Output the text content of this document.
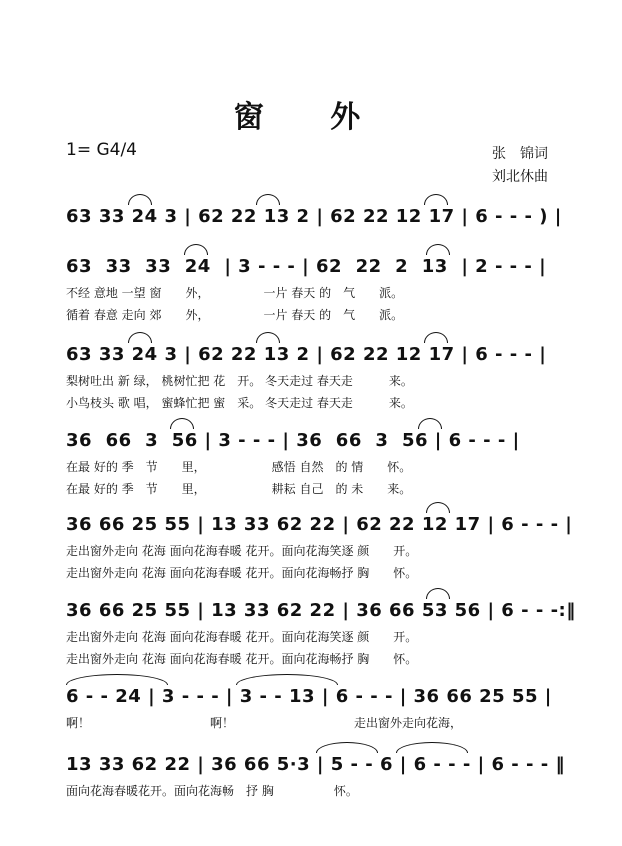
窗 外
1= G4/4	张　锦词
刘北休曲
63 33 24 3 | 62 22 13 2 | 62 22 12 17 | 6 - - - ) |
63  33  33  24  | 3 - - - | 62  22  2  13  | 2 - - - |
不经 意地 一望 窗　　外，　　　　　一片 春天 的　气　　派。
循着 春意 走向 郊　　外，　　　　　一片 春天 的　气　　派。
63 33 24 3 | 62 22 13 2 | 62 22 12 17 | 6 - - - |
梨树吐出 新 绿， 桃树忙把 花　开。 冬天走过 春天走　　　来。
小鸟枝头 歌 唱， 蜜蜂忙把 蜜　采。 冬天走过 春天走　　　来。
36  66  3  56 | 3 - - - | 36  66  3  56 | 6 - - - |
在最 好的 季　节　　里，　　　　　　感悟 自然　的 情　　怀。
在最 好的 季　节　　里，　　　　　　耕耘 自己　的 未　　来。
36 66 25 55 | 13 33 62 22 | 62 22 12 17 | 6 - - - |
走出窗外走向 花海 面向花海春暖 花开。面向花海笑逐 颜　　开。
走出窗外走向 花海 面向花海春暖 花开。面向花海畅抒 胸　　怀。
36 66 25 55 | 13 33 62 22 | 36 66 53 56 | 6 - - -:‖
走出窗外走向 花海 面向花海春暖 花开。面向花海笑逐 颜　　开。
走出窗外走向 花海 面向花海春暖 花开。面向花海畅抒 胸　　怀。
6 - - 24 | 3 - - - | 3 - - 13 | 6 - - - | 36 66 25 55 |
啊！　　　　　　　　　　啊！　　　　　　　　　　走出窗外走向花海，
13 33 62 22 | 36 66 5·3 | 5 - - 6 | 6 - - - | 6 - - - ‖
面向花海春暖花开。面向花海畅　抒 胸　　　　　怀。
